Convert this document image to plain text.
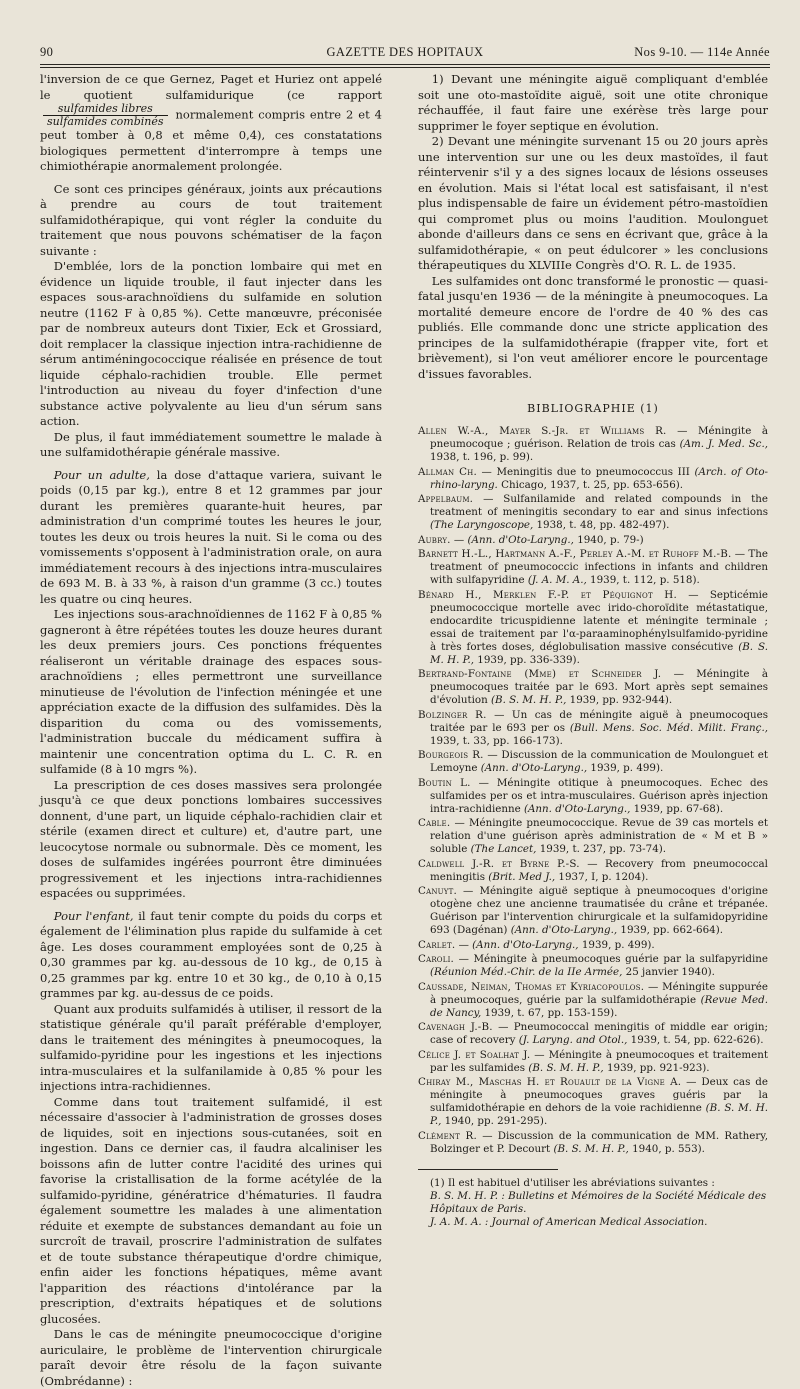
90	GAZETTE DES HOPITAUX	Nos 9-10. — 114e Année

l'inversion de ce que Gernez, Paget et Huriez ont appelé le quotient sulfamidurique (ce rapport
$\frac{\text{sulfamides libres}}{\text{sulfamides combinés}}$ normalement compris entre 2 et 4 peut tomber à 0,8 et même 0,4), ces constatations biologiques permettent d'interrompre à temps une chimiothérapie anormalement prolongée.

Ce sont ces principes généraux, joints aux précautions à prendre au cours de tout traitement sulfamidothérapique, qui vont régler la conduite du traitement que nous pouvons schématiser de la façon suivante :

D'emblée, lors de la ponction lombaire qui met en évidence un liquide trouble, il faut injecter dans les espaces sous-arachnoïdiens du sulfamide en solution neutre (1162 F à 0,85 %). Cette manœuvre, préconisée par de nombreux auteurs dont Tixier, Eck et Grossiard, doit remplacer la classique injection intra-rachidienne de sérum antiméningococcique réalisée en présence de tout liquide céphalo-rachidien trouble. Elle permet l'introduction au niveau du foyer d'infection d'une substance active polyvalente au lieu d'un sérum sans action.

De plus, il faut immédiatement soumettre le malade à une sulfamidothérapie générale massive.

Pour un adulte, la dose d'attaque variera, suivant le poids (0,15 par kg.), entre 8 et 12 grammes par jour durant les premières quarante-huit heures, par administration d'un comprimé toutes les heures le jour, toutes les deux ou trois heures la nuit. Si le coma ou des vomissements s'opposent à l'administration orale, on aura immédiatement recours à des injections intra-musculaires de 693 M. B. à 33 %, à raison d'un gramme (3 cc.) toutes les quatre ou cinq heures.

Les injections sous-arachnoïdiennes de 1162 F à 0,85 % gagneront à être répétées toutes les douze heures durant les deux premiers jours. Ces ponctions fréquentes réaliseront un véritable drainage des espaces sous-arachnoïdiens ; elles permettront une surveillance minutieuse de l'évolution de l'infection méningée et une appréciation exacte de la diffusion des sulfamides. Dès la disparition du coma ou des vomissements, l'administration buccale du médicament suffira à maintenir une concentration optima du L. C. R. en sulfamide (8 à 10 mgrs %).

La prescription de ces doses massives sera prolongée jusqu'à ce que deux ponctions lombaires successives donnent, d'une part, un liquide céphalo-rachidien clair et stérile (examen direct et culture) et, d'autre part, une leucocytose normale ou subnormale. Dès ce moment, les doses de sulfamides ingérées pourront être diminuées progressivement et les injections intra-rachidiennes espacées ou supprimées.

Pour l'enfant, il faut tenir compte du poids du corps et également de l'élimination plus rapide du sulfamide à cet âge. Les doses couramment employées sont de 0,25 à 0,30 grammes par kg. au-dessous de 10 kg., de 0,15 à 0,25 grammes par kg. entre 10 et 30 kg., de 0,10 à 0,15 grammes par kg. au-dessus de ce poids.

Quant aux produits sulfamidés à utiliser, il ressort de la statistique générale qu'il paraît préférable d'employer, dans le traitement des méningites à pneumocoques, la sulfamido-pyridine pour les ingestions et les injections intra-musculaires et la sulfanilamide à 0,85 % pour les injections intra-rachidiennes.

Comme dans tout traitement sulfamidé, il est nécessaire d'associer à l'administration de grosses doses de liquides, soit en injections sous-cutanées, soit en ingestion. Dans ce dernier cas, il faudra alcaliniser les boissons afin de lutter contre l'acidité des urines qui favorise la cristallisation de la forme acétylée de la sulfamido-pyridine, génératrice d'hématuries. Il faudra également soumettre les malades à une alimentation réduite et exempte de substances demandant au foie un surcroît de travail, proscrire l'administration de sulfates et de toute substance thérapeutique d'ordre chimique, enfin aider les fonctions hépatiques, même avant l'apparition des réactions d'intolérance par la prescription, d'extraits hépatiques et de solutions glucosées.

Dans le cas de méningite pneumococcique d'origine auriculaire, le problème de l'intervention chirurgicale paraît devoir être résolu de la façon suivante (Ombrédanne) :

1) Devant une méningite aiguë compliquant d'emblée soit une oto-mastoïdite aiguë, soit une otite chronique réchauffée, il faut faire une exérèse très large pour supprimer le foyer septique en évolution.

2) Devant une méningite survenant 15 ou 20 jours après une intervention sur une ou les deux mastoïdes, il faut réintervenir s'il y a des signes locaux de lésions osseuses en évolution. Mais si l'état local est satisfaisant, il n'est plus indispensable de faire un évidement pétro-mastoïdien qui compromet plus ou moins l'audition. Moulonguet abonde d'ailleurs dans ce sens en écrivant que, grâce à la sulfamidothérapie, « on peut édulcorer » les conclusions thérapeutiques du XLVIIIe Congrès d'O. R. L. de 1935.

Les sulfamides ont donc transformé le pronostic — quasi-fatal jusqu'en 1936 — de la méningite à pneumocoques. La mortalité demeure encore de l'ordre de 40 % des cas publiés. Elle commande donc une stricte application des principes de la sulfamidothérapie (frapper vite, fort et brièvement), si l'on veut améliorer encore le pourcentage d'issues favorables.

BIBLIOGRAPHIE (1)

Allen W.-A., Mayer S.-Jr. et Williams R. — Méningite à pneumocoque ; guérison. Relation de trois cas (Am. J. Med. Sc., 1938, t. 196, p. 99).

Allman Ch. — Meningitis due to pneumococcus III (Arch. of Oto-rhino-laryng. Chicago, 1937, t. 25, pp. 653-656).

Appelbaum. — Sulfanilamide and related compounds in the treatment of meningitis secondary to ear and sinus infections (The Laryngoscope, 1938, t. 48, pp. 482-497).

Aubry. — (Ann. d'Oto-Laryng., 1940, p. 79-)

Barnett H.-L., Hartmann A.-F., Perley A.-M. et Ruhoff M.-B. — The treatment of pneumococcic infections in infants and children with sulfapyridine (J. A. M. A., 1939, t. 112, p. 518).

Bénard H., Merklen F.-P. et Péquignot H. — Septicémie pneumococcique mortelle avec irido-choroïdite métastatique, endocardite tricuspidienne latente et méningite terminale ; essai de traitement par l'α-paraaminophénylsulfamido-pyridine à très fortes doses, déglobulisation massive consécutive (B. S. M. H. P., 1939, pp. 336-339).

Bertrand-Fontaine (Mme) et Schneider J. — Méningite à pneumocoques traitée par le 693. Mort après sept semaines d'évolution (B. S. M. H. P., 1939, pp. 932-944).

Bolzinger R. — Un cas de méningite aiguë à pneumocoques traitée par le 693 per os (Bull. Mens. Soc. Méd. Milit. Franç., 1939, t. 33, pp. 166-173).

Bourgeois R. — Discussion de la communication de Moulonguet et Lemoyne (Ann. d'Oto-Laryng., 1939, p. 499).

Boutin L. — Méningite otitique à pneumocoques. Echec des sulfamides per os et intra-musculaires. Guérison après injection intra-rachidienne (Ann. d'Oto-Laryng., 1939, pp. 67-68).

Cable. — Méningite pneumococcique. Revue de 39 cas mortels et relation d'une guérison après administration de « M et B » soluble (The Lancet, 1939, t. 237, pp. 73-74).

Caldwell J.-R. et Byrne P.-S. — Recovery from pneumococcal meningitis (Brit. Med J., 1937, I, p. 1204).

Canuyt. — Méningite aiguë septique à pneumocoques d'origine otogène chez une ancienne traumatisée du crâne et trépanée. Guérison par l'intervention chirurgicale et la sulfamidopyridine 693 (Dagénan) (Ann. d'Oto-Laryng., 1939, pp. 662-664).

Carlet. — (Ann. d'Oto-Laryng., 1939, p. 499).

Caroli. — Méningite à pneumocoques guérie par la sulfapyridine (Réunion Méd.-Chir. de la IIe Armée, 25 janvier 1940).

Caussade, Neiman, Thomas et Kyriacopoulos. — Méningite suppurée à pneumocoques, guérie par la sulfamidothérapie (Revue Med. de Nancy, 1939, t. 67, pp. 153-159).

Cavenagh J.-B. — Pneumococcal meningitis of middle ear origin; case of recovery (J. Laryng. and Otol., 1939, t. 54, pp. 622-626).

Célice J. et Soalhat J. — Méningite à pneumocoques et traitement par les sulfamides (B. S. M. H. P., 1939, pp. 921-923).

Chiray M., Maschas H. et Rouault de la Vigne A. — Deux cas de méningite à pneumocoques graves guéris par la sulfamidothérapie en dehors de la voie rachidienne (B. S. M. H. P., 1940, pp. 291-295).

Clément R. — Discussion de la communication de MM. Rathery, Bolzinger et P. Decourt (B. S. M. H. P., 1940, p. 553).

(1) Il est habituel d'utiliser les abréviations suivantes :

B. S. M. H. P. : Bulletins et Mémoires de la Société Médicale des Hôpitaux de Paris.

J. A. M. A. : Journal of American Medical Association.
